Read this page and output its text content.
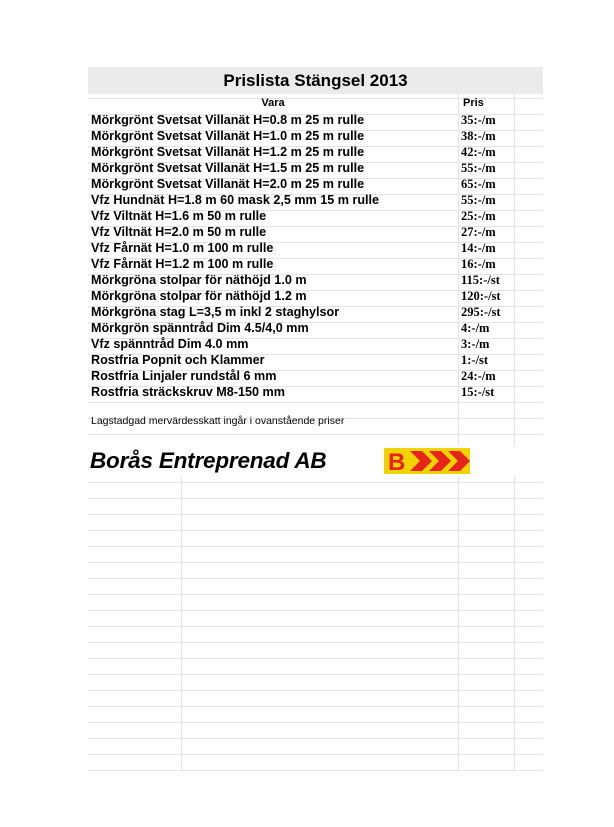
Prislista Stängsel 2013
Vara	Pris
Mörkgrönt Svetsat Villanät H=0.8 m 25 m rulle	35:-/m
Mörkgrönt Svetsat Villanät H=1.0 m 25 m rulle	38:-/m
Mörkgrönt Svetsat Villanät H=1.2 m 25 m rulle	42:-/m
Mörkgrönt Svetsat Villanät H=1.5 m 25 m rulle	55:-/m
Mörkgrönt Svetsat Villanät H=2.0 m 25 m rulle	65:-/m
Vfz Hundnät H=1.8 m 60 mask 2,5 mm 15 m rulle	55:-/m
Vfz Viltnät H=1.6 m 50 m rulle	25:-/m
Vfz Viltnät H=2.0 m 50 m rulle	27:-/m
Vfz Fårnät H=1.0 m 100 m rulle	14:-/m
Vfz Fårnät H=1.2 m 100 m rulle	16:-/m
Mörkgröna stolpar för näthöjd 1.0 m	115:-/st
Mörkgröna stolpar för näthöjd 1.2 m	120:-/st
Mörkgröna stag L=3,5 m inkl 2 staghylsor	295:-/st
Mörkgrön spänntråd Dim 4.5/4,0 mm	4:-/m
Vfz spänntråd Dim 4.0 mm	3:-/m
Rostfria Popnit och Klammer	1:-/st
Rostfria Linjaler rundstål 6 mm	24:-/m
Rostfria sträckskruv M8-150 mm	15:-/st
Lagstadgad mervärdesskatt ingår i ovanstående priser
Borås Entreprenad AB	B
